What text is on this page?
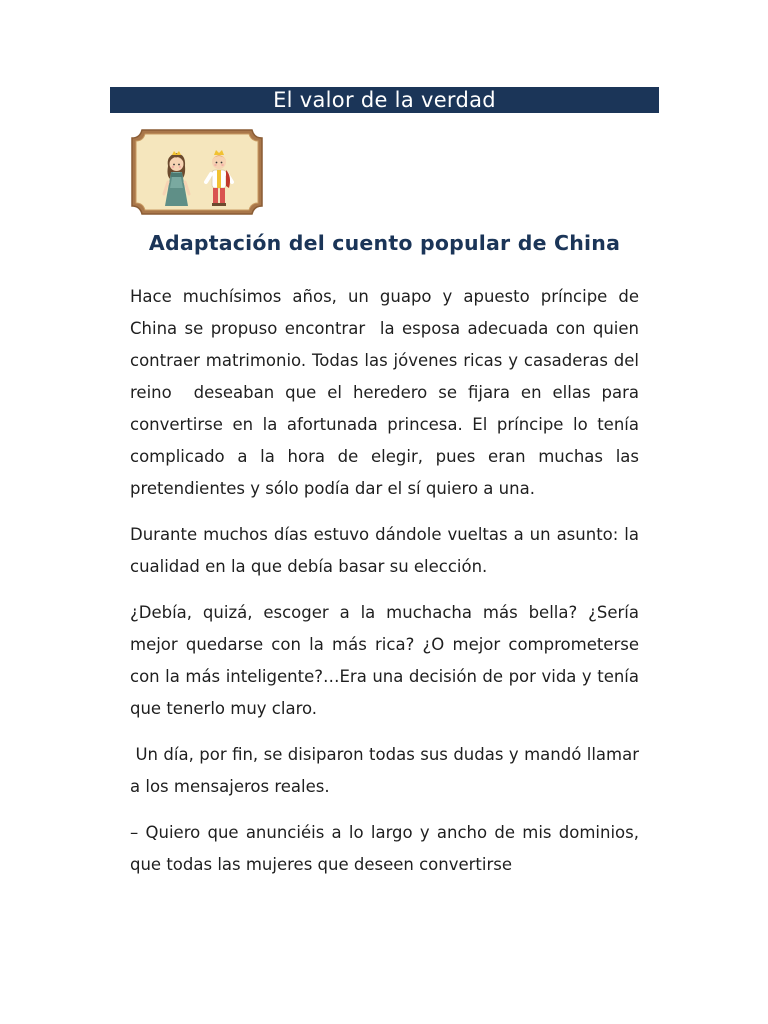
El valor de la verdad
Adaptación del cuento popular de China

Hace muchísimos años, un guapo y apuesto príncipe de China se propuso encontrar  la esposa adecuada con quien contraer matrimonio. Todas las jóvenes ricas y casaderas del reino  deseaban que el heredero se fijara en ellas para convertirse en la afortunada princesa. El príncipe lo tenía complicado a la hora de elegir, pues eran muchas las pretendientes y sólo podía dar el sí quiero a una.

Durante muchos días estuvo dándole vueltas a un asunto: la cualidad en la que debía basar su elección.

¿Debía, quizá, escoger a la muchacha más bella? ¿Sería mejor quedarse con la más rica? ¿O mejor comprometerse con la más inteligente?…Era una decisión de por vida y tenía que tenerlo muy claro.

Un día, por fin, se disiparon todas sus dudas y mandó llamar a los mensajeros reales.

– Quiero que anunciéis a lo largo y ancho de mis dominios, que todas las mujeres que deseen convertirse
